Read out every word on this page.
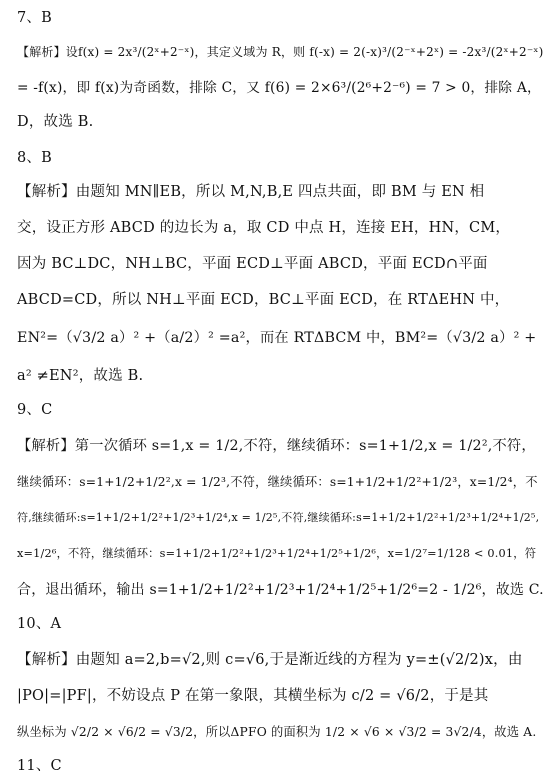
7、B
【解析】设f(x) = 2x³/(2ˣ+2⁻ˣ)，其定义域为 R，则 f(-x) = 2(-x)³/(2⁻ˣ+2ˣ) = -2x³/(2ˣ+2⁻ˣ)
= -f(x)，即 f(x)为奇函数，排除 C，又 f(6) = 2×6³/(2⁶+2⁻⁶) = 7 > 0，排除 A，
D，故选 B.
8、B
【解析】由题知 MN∥EB，所以 M,N,B,E 四点共面，即 BM 与 EN 相
交，设正方形 ABCD 的边长为 a，取 CD 中点 H，连接 EH，HN，CM，
因为 BC⊥DC，NH⊥BC，平面 ECD⊥平面 ABCD，平面 ECD∩平面
ABCD=CD，所以 NH⊥平面 ECD，BC⊥平面 ECD，在 RTΔEHN 中，
EN²=（√3/2 a）² +（a/2）² =a²，而在 RTΔBCM 中，BM²=（√3/2 a）² +
a² ≠EN²，故选 B.
9、C
【解析】第一次循环 s=1,x = 1/2,不符，继续循环：s=1+1/2,x = 1/2²,不符，
继续循环：s=1+1/2+1/2²,x = 1/2³,不符，继续循环：s=1+1/2+1/2²+1/2³，x=1/2⁴，不
符,继续循环:s=1+1/2+1/2²+1/2³+1/2⁴,x = 1/2⁵,不符,继续循环:s=1+1/2+1/2²+1/2³+1/2⁴+1/2⁵,
x=1/2⁶，不符，继续循环：s=1+1/2+1/2²+1/2³+1/2⁴+1/2⁵+1/2⁶，x=1/2⁷=1/128 < 0.01，符
合，退出循环，输出 s=1+1/2+1/2²+1/2³+1/2⁴+1/2⁵+1/2⁶=2 - 1/2⁶，故选 C.
10、A
【解析】由题知 a=2,b=√2,则 c=√6,于是渐近线的方程为 y=±(√2/2)x，由
|PO|=|PF|，不妨设点 P 在第一象限，其横坐标为 c/2 = √6/2，于是其
纵坐标为 √2/2 × √6/2 = √3/2，所以ΔPFO 的面积为 1/2 × √6 × √3/2 = 3√2/4，故选 A.
11、C
